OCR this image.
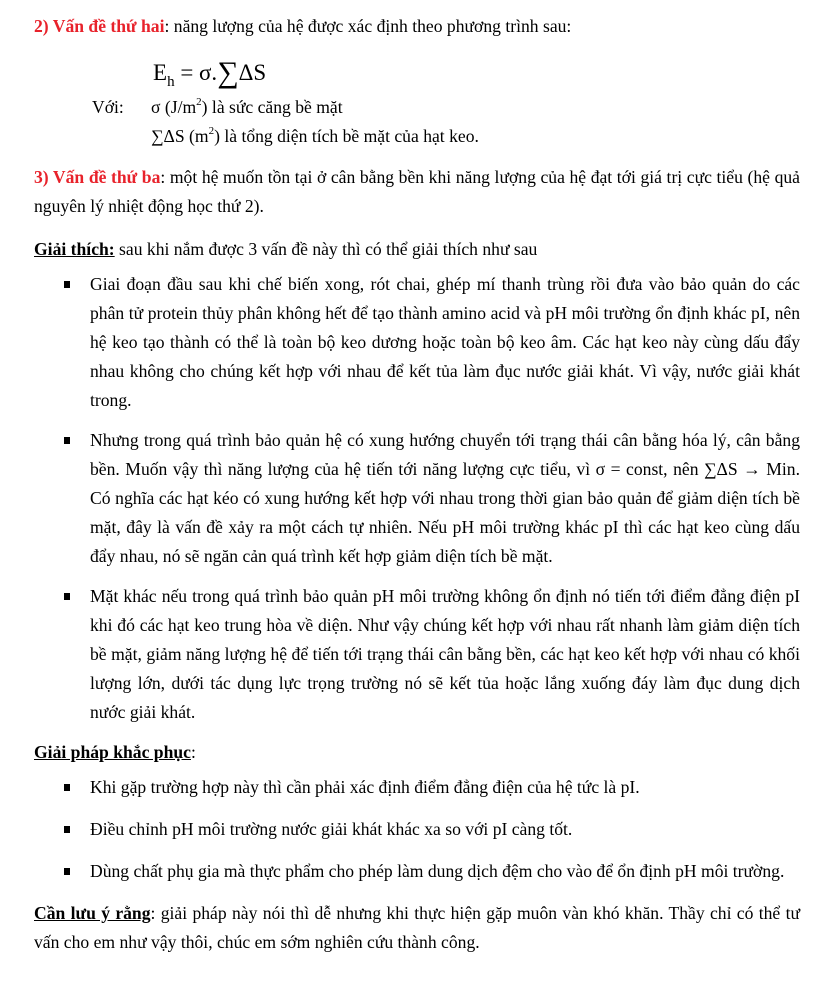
2) Vấn đề thứ hai: năng lượng của hệ được xác định theo phương trình sau:

$E_h = \sigma.\sum\Delta S$
Với:	σ $(J/m^2)$ là sức căng bề mặt
∑ΔS $(m^2)$ là tổng diện tích bề mặt của hạt keo.

3) Vấn đề thứ ba: một hệ muốn tồn tại ở cân bằng bền khi năng lượng của hệ đạt tới giá trị cực tiểu (hệ quả nguyên lý nhiệt động học thứ 2).

Giải thích: sau khi nắm được 3 vấn đề này thì có thể giải thích như sau

Giai đoạn đầu sau khi chế biến xong, rót chai, ghép mí thanh trùng rồi đưa vào bảo quản do các phân tử protein thủy phân không hết để tạo thành amino acid và pH môi trường ổn định khác pI, nên hệ keo tạo thành có thể là toàn bộ keo dương hoặc toàn bộ keo âm. Các hạt keo này cùng dấu đẩy nhau không cho chúng kết hợp với nhau để kết tủa làm đục nước giải khát. Vì vậy, nước giải khát trong.
Nhưng trong quá trình bảo quản hệ có xung hướng chuyển tới trạng thái cân bằng hóa lý, cân bằng bền. Muốn vậy thì năng lượng của hệ tiến tới năng lượng cực tiểu, vì σ = const, nên ∑ΔS → Min. Có nghĩa các hạt kéo có xung hướng kết hợp với nhau trong thời gian bảo quản để giảm diện tích bề mặt, đây là vấn đề xảy ra một cách tự nhiên. Nếu pH môi trường khác pI thì các hạt keo cùng dấu đẩy nhau, nó sẽ ngăn cản quá trình kết hợp giảm diện tích bề mặt.
Mặt khác nếu trong quá trình bảo quản pH môi trường không ổn định nó tiến tới điểm đẳng điện pI khi đó các hạt keo trung hòa về diện. Như vậy chúng kết hợp với nhau rất nhanh làm giảm diện tích bề mặt, giảm năng lượng hệ để tiến tới trạng thái cân bằng bền, các hạt keo kết hợp với nhau có khối lượng lớn, dưới tác dụng lực trọng trường nó sẽ kết tủa hoặc lắng xuống đáy làm đục dung dịch nước giải khát.

Giải pháp khắc phục:

Khi gặp trường hợp này thì cần phải xác định điểm đẳng điện của hệ tức là pI.
Điều chỉnh pH môi trường nước giải khát khác xa so với pI càng tốt.
Dùng chất phụ gia mà thực phẩm cho phép làm dung dịch đệm cho vào để ổn định pH môi trường.

Cần lưu ý rằng: giải pháp này nói thì dễ nhưng khi thực hiện gặp muôn vàn khó khăn. Thầy chỉ có thể tư vấn cho em như vậy thôi, chúc em sớm nghiên cứu thành công.
